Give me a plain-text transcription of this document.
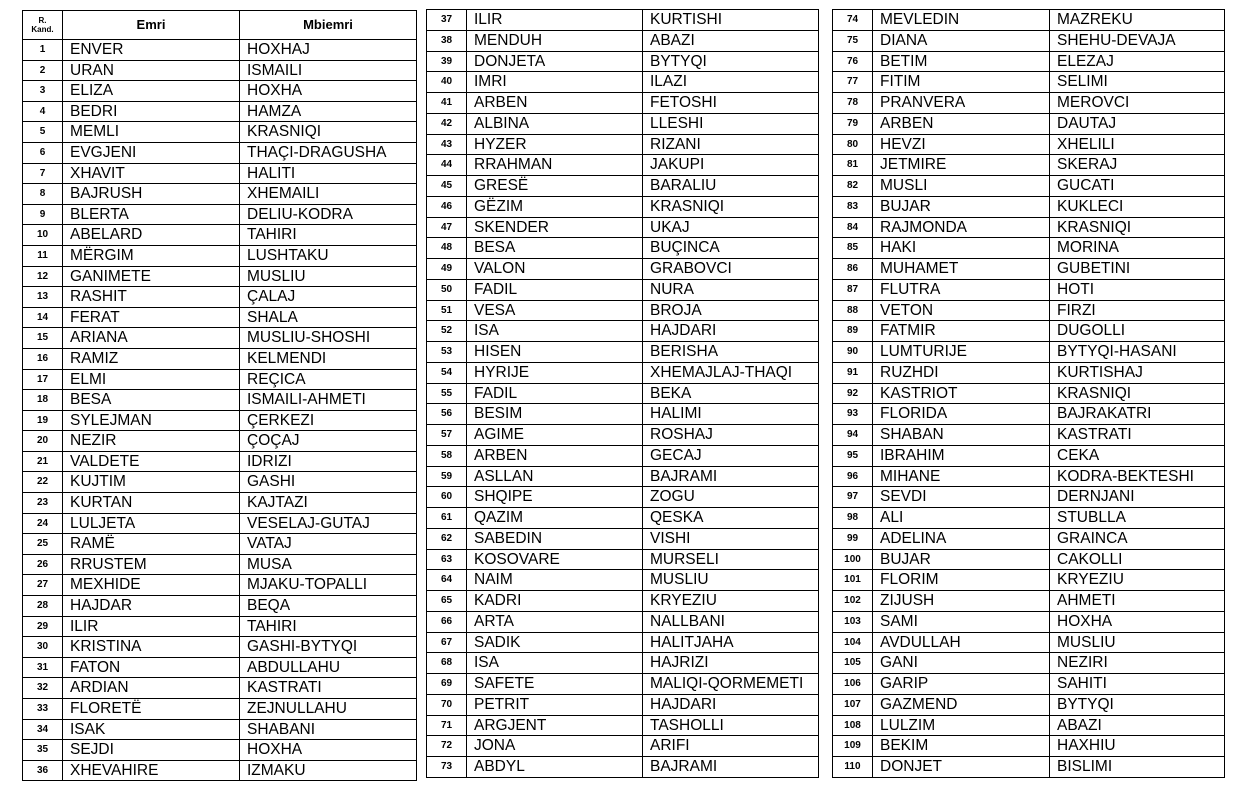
R.
Kand.	Emri	Mbiemri
1	ENVER	HOXHAJ
2	URAN	ISMAILI
3	ELIZA	HOXHA
4	BEDRI	HAMZA
5	MEMLI	KRASNIQI
6	EVGJENI	THAÇI-DRAGUSHA
7	XHAVIT	HALITI
8	BAJRUSH	XHEMAILI
9	BLERTA	DELIU-KODRA
10	ABELARD	TAHIRI
11	MËRGIM	LUSHTAKU
12	GANIMETE	MUSLIU
13	RASHIT	ÇALAJ
14	FERAT	SHALA
15	ARIANA	MUSLIU-SHOSHI
16	RAMIZ	KELMENDI
17	ELMI	REÇICA
18	BESA	ISMAILI-AHMETI
19	SYLEJMAN	ÇERKEZI
20	NEZIR	ÇOÇAJ
21	VALDETE	IDRIZI
22	KUJTIM	GASHI
23	KURTAN	KAJTAZI
24	LULJETA	VESELAJ-GUTAJ
25	RAMË	VATAJ
26	RRUSTEM	MUSA
27	MEXHIDE	MJAKU-TOPALLI
28	HAJDAR	BEQA
29	ILIR	TAHIRI
30	KRISTINA	GASHI-BYTYQI
31	FATON	ABDULLAHU
32	ARDIAN	KASTRATI
33	FLORETË	ZEJNULLAHU
34	ISAK	SHABANI
35	SEJDI	HOXHA
36	XHEVAHIRE	IZMAKU
37	ILIR	KURTISHI
38	MENDUH	ABAZI
39	DONJETA	BYTYQI
40	IMRI	ILAZI
41	ARBEN	FETOSHI
42	ALBINA	LLESHI
43	HYZER	RIZANI
44	RRAHMAN	JAKUPI
45	GRESË	BARALIU
46	GËZIM	KRASNIQI
47	SKENDER	UKAJ
48	BESA	BUÇINCA
49	VALON	GRABOVCI
50	FADIL	NURA
51	VESA	BROJA
52	ISA	HAJDARI
53	HISEN	BERISHA
54	HYRIJE	XHEMAJLAJ-THAQI
55	FADIL	BEKA
56	BESIM	HALIMI
57	AGIME	ROSHAJ
58	ARBEN	GECAJ
59	ASLLAN	BAJRAMI
60	SHQIPE	ZOGU
61	QAZIM	QESKA
62	SABEDIN	VISHI
63	KOSOVARE	MURSELI
64	NAIM	MUSLIU
65	KADRI	KRYEZIU
66	ARTA	NALLBANI
67	SADIK	HALITJAHA
68	ISA	HAJRIZI
69	SAFETE	MALIQI-QORMEMETI
70	PETRIT	HAJDARI
71	ARGJENT	TASHOLLI
72	JONA	ARIFI
73	ABDYL	BAJRAMI
74	MEVLEDIN	MAZREKU
75	DIANA	SHEHU-DEVAJA
76	BETIM	ELEZAJ
77	FITIM	SELIMI
78	PRANVERA	MEROVCI
79	ARBEN	DAUTAJ
80	HEVZI	XHELILI
81	JETMIRE	SKERAJ
82	MUSLI	GUCATI
83	BUJAR	KUKLECI
84	RAJMONDA	KRASNIQI
85	HAKI	MORINA
86	MUHAMET	GUBETINI
87	FLUTRA	HOTI
88	VETON	FIRZI
89	FATMIR	DUGOLLI
90	LUMTURIJE	BYTYQI-HASANI
91	RUZHDI	KURTISHAJ
92	KASTRIOT	KRASNIQI
93	FLORIDA	BAJRAKATRI
94	SHABAN	KASTRATI
95	IBRAHIM	CEKA
96	MIHANE	KODRA-BEKTESHI
97	SEVDI	DERNJANI
98	ALI	STUBLLA
99	ADELINA	GRAINCA
100	BUJAR	CAKOLLI
101	FLORIM	KRYEZIU
102	ZIJUSH	AHMETI
103	SAMI	HOXHA
104	AVDULLAH	MUSLIU
105	GANI	NEZIRI
106	GARIP	SAHITI
107	GAZMEND	BYTYQI
108	LULZIM	ABAZI
109	BEKIM	HAXHIU
110	DONJET	BISLIMI
